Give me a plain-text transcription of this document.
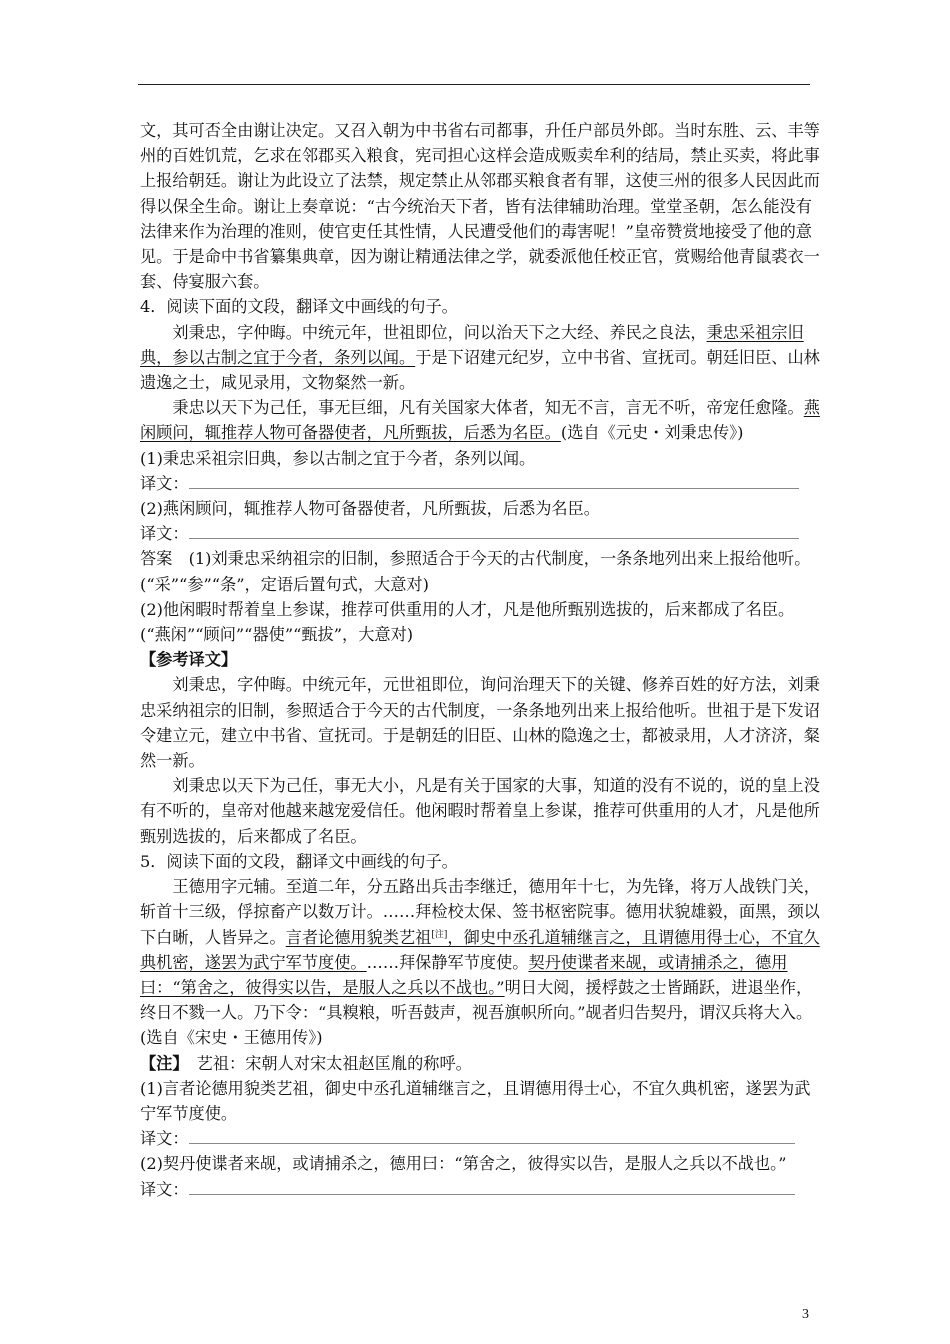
文，其可否全由谢让决定。又召入朝为中书省右司都事，升任户部员外郎。当时东胜、云、丰等州的百姓饥荒，乞求在邻郡买入粮食，宪司担心这样会造成贩卖牟利的结局，禁止买卖，将此事上报给朝廷。谢让为此设立了法禁，规定禁止从邻郡买粮食者有罪，这使三州的很多人民因此而得以保全生命。谢让上奏章说：“古今统治天下者，皆有法律辅助治理。堂堂圣朝，怎么能没有法律来作为治理的准则，使官吏任其性情，人民遭受他们的毒害呢！”皇帝赞赏地接受了他的意见。于是命中书省纂集典章，因为谢让精通法律之学，就委派他任校正官，赏赐给他青鼠裘衣一套、侍宴服六套。

4．阅读下面的文段，翻译文中画线的句子。

刘秉忠，字仲晦。中统元年，世祖即位，问以治天下之大经、养民之良法，秉忠采祖宗旧典，参以古制之宜于今者，条列以闻。于是下诏建元纪岁，立中书省、宣抚司。朝廷旧臣、山林遗逸之士，咸见录用，文物粲然一新。

秉忠以天下为己任，事无巨细，凡有关国家大体者，知无不言，言无不听，帝宠任愈隆。燕闲顾问，辄推荐人物可备器使者，凡所甄拔，后悉为名臣。(选自《元史・刘秉忠传》)

(1)秉忠采祖宗旧典，参以古制之宜于今者，条列以闻。

译文：

(2)燕闲顾问，辄推荐人物可备器使者，凡所甄拔，后悉为名臣。

译文：

答案　 (1)刘秉忠采纳祖宗的旧制，参照适合于今天的古代制度，一条条地列出来上报给他听。(“采”“参”“条”，定语后置句式，大意对)

(2)他闲暇时帮着皇上参谋，推荐可供重用的人才，凡是他所甄别选拔的，后来都成了名臣。(“燕闲”“顾问”“器使”“甄拔”，大意对)

【参考译文】

刘秉忠，字仲晦。中统元年，元世祖即位，询问治理天下的关键、修养百姓的好方法，刘秉忠采纳祖宗的旧制，参照适合于今天的古代制度，一条条地列出来上报给他听。世祖于是下发诏令建立元，建立中书省、宣抚司。于是朝廷的旧臣、山林的隐逸之士，都被录用，人才济济，粲然一新。

刘秉忠以天下为己任，事无大小，凡是有关于国家的大事，知道的没有不说的，说的皇上没有不听的，皇帝对他越来越宠爱信任。他闲暇时帮着皇上参谋，推荐可供重用的人才，凡是他所甄别选拔的，后来都成了名臣。

5．阅读下面的文段，翻译文中画线的句子。

王德用字元辅。至道二年，分五路出兵击李继迁，德用年十七，为先锋，将万人战铁门关，斩首十三级，俘掠畜产以数万计。……拜检校太保、签书枢密院事。德用状貌雄毅，面黑，颈以下白晰，人皆异之。言者论德用貌类艺祖[注]，御史中丞孔道辅继言之，且谓德用得士心，不宜久典机密，遂罢为武宁军节度使。……拜保静军节度使。契丹使谍者来觇，或请捕杀之，德用曰：“第舍之，彼得实以告，是服人之兵以不战也。”明日大阅，援桴鼓之士皆踊跃，进退坐作，终日不戮一人。乃下令：“具糗粮，听吾鼓声，视吾旗帜所向。”觇者归告契丹，谓汉兵将大入。(选自《宋史・王德用传》)

【注】　 艺祖：宋朝人对宋太祖赵匡胤的称呼。

(1)言者论德用貌类艺祖，御史中丞孔道辅继言之，且谓德用得士心，不宜久典机密，遂罢为武宁军节度使。

译文：

(2)契丹使谍者来觇，或请捕杀之，德用曰：“第舍之，彼得实以告，是服人之兵以不战也。”

译文：

3
